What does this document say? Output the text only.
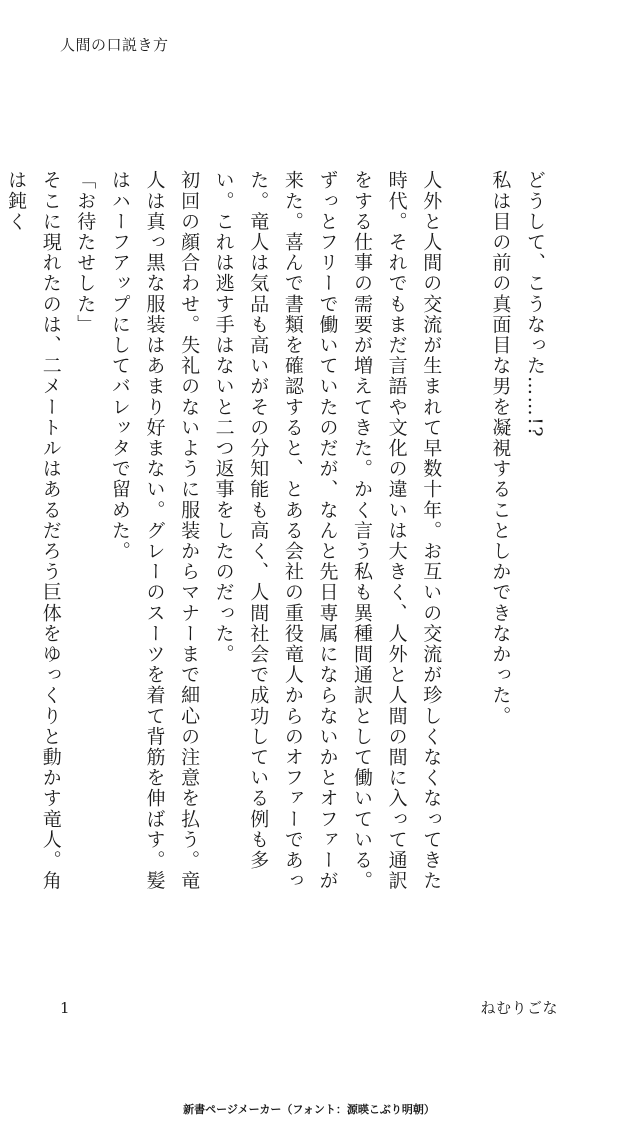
人間の口説き方

どうして、こうなった……!?

私は目の前の真面目な男を凝視することしかできなかった。

人外と人間の交流が生まれて早数十年。お互いの交流が珍しくなくなってきた時代。それでもまだ言語や文化の違いは大きく、人外と人間の間に入って通訳をする仕事の需要が増えてきた。かく言う私も異種間通訳として働いている。ずっとフリーで働いていたのだが、なんと先日専属にならないかとオファーが来た。喜んで書類を確認すると、とある会社の重役竜人からのオファーであった。竜人は気品も高いがその分知能も高く、人間社会で成功している例も多い。これは逃す手はないと二つ返事をしたのだった。

初回の顔合わせ。失礼のないように服装からマナーまで細心の注意を払う。竜人は真っ黒な服装はあまり好まない。グレーのスーツを着て背筋を伸ばす。髪はハーフアップにしてバレッタで留めた。

「お待たせした」

そこに現れたのは、二メートルはあるだろう巨体をゆっくりと動かす竜人。角は鈍く

1	ねむりごな
新書ページメーカー（フォント：源暎こぶり明朝）
